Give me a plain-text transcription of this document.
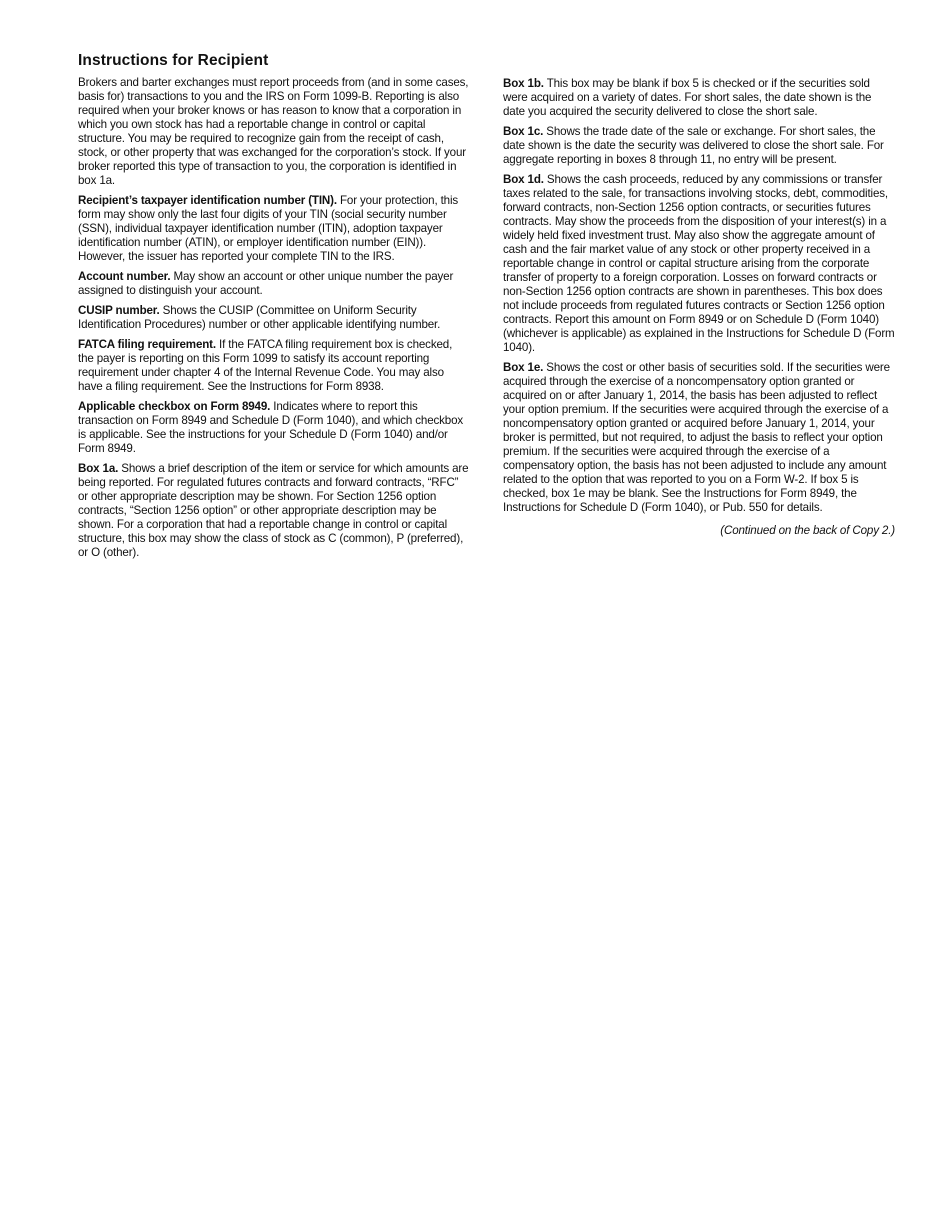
Instructions for Recipient

Brokers and barter exchanges must report proceeds from (and in some cases, basis for) transactions to you and the IRS on Form 1099-B. Reporting is also required when your broker knows or has reason to know that a corporation in which you own stock has had a reportable change in control or capital structure. You may be required to recognize gain from the receipt of cash, stock, or other property that was exchanged for the corporation’s stock. If your broker reported this type of transaction to you, the corporation is identified in box 1a.

Recipient’s taxpayer identification number (TIN). For your protection, this form may show only the last four digits of your TIN (social security number (SSN), individual taxpayer identification number (ITIN), adoption taxpayer identification number (ATIN), or employer identification number (EIN)). However, the issuer has reported your complete TIN to the IRS.

Account number. May show an account or other unique number the payer assigned to distinguish your account.

CUSIP number. Shows the CUSIP (Committee on Uniform Security Identification Procedures) number or other applicable identifying number.

FATCA filing requirement. If the FATCA filing requirement box is checked, the payer is reporting on this Form 1099 to satisfy its account reporting requirement under chapter 4 of the Internal Revenue Code. You may also have a filing requirement. See the Instructions for Form 8938.

Applicable checkbox on Form 8949. Indicates where to report this transaction on Form 8949 and Schedule D (Form 1040), and which checkbox is applicable. See the instructions for your Schedule D (Form 1040) and/or Form 8949.

Box 1a. Shows a brief description of the item or service for which amounts are being reported. For regulated futures contracts and forward contracts, “RFC” or other appropriate description may be shown. For Section 1256 option contracts, “Section 1256 option” or other appropriate description may be shown. For a corporation that had a reportable change in control or capital structure, this box may show the class of stock as C (common), P (preferred), or O (other).

Box 1b. This box may be blank if box 5 is checked or if the securities sold were acquired on a variety of dates. For short sales, the date shown is the date you acquired the security delivered to close the short sale.

Box 1c. Shows the trade date of the sale or exchange. For short sales, the date shown is the date the security was delivered to close the short sale. For aggregate reporting in boxes 8 through 11, no entry will be present.

Box 1d. Shows the cash proceeds, reduced by any commissions or transfer taxes related to the sale, for transactions involving stocks, debt, commodities, forward contracts, non-Section 1256 option contracts, or securities futures contracts. May show the proceeds from the disposition of your interest(s) in a widely held fixed investment trust. May also show the aggregate amount of cash and the fair market value of any stock or other property received in a reportable change in control or capital structure arising from the corporate transfer of property to a foreign corporation. Losses on forward contracts or non-Section 1256 option contracts are shown in parentheses. This box does not include proceeds from regulated futures contracts or Section 1256 option contracts. Report this amount on Form 8949 or on Schedule D (Form 1040) (whichever is applicable) as explained in the Instructions for Schedule D (Form 1040).

Box 1e. Shows the cost or other basis of securities sold. If the securities were acquired through the exercise of a noncompensatory option granted or acquired on or after January 1, 2014, the basis has been adjusted to reflect your option premium. If the securities were acquired through the exercise of a noncompensatory option granted or acquired before January 1, 2014, your broker is permitted, but not required, to adjust the basis to reflect your option premium. If the securities were acquired through the exercise of a compensatory option, the basis has not been adjusted to include any amount related to the option that was reported to you on a Form W-2. If box 5 is checked, box 1e may be blank. See the Instructions for Form 8949, the Instructions for Schedule D (Form 1040), or Pub. 550 for details.

(Continued on the back of Copy 2.)
